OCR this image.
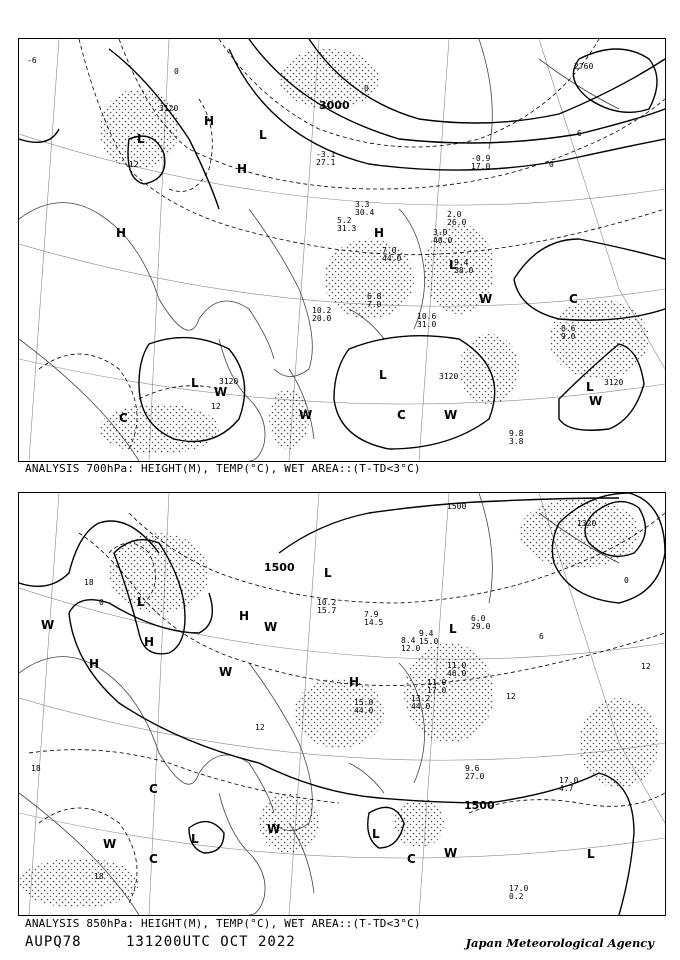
3000
3120
3120
3120
3120
2760
12
12
-6
0
0
6
0
H
H
H	H
L
L
L
L
L
L
C	C
C
W
W	W
W
W
9.4
38.0
10.6
31.0	8.6
9.0
9.8
3.8
2.0
26.0
3.0
40.0
6.8
7.0
10.2
20.0
7.0
44.0
5.2
31.3
3.3
30.4
-3.1
27.1	-0.9
17.0
ANALYSIS 700hPa: HEIGHT(M), TEMP(°C), WET AREA::(T-TD<3°C)
1500
1500
1500
1320
12
12
18
18
18
0
0
6
12
H
H
H
H
L
L	L
L
L
L
C
C	C
W
W
W
W
W
W
17.0
4.7
17.0
0.2
9.6
27.0
11.0
46.0
13.2
44.0
15.0
44.0
6.0
29.0
9.4
15.0
8.4
12.0
11.0
17.0
10.2
15.7	7.9
14.5
ANALYSIS 850hPa: HEIGHT(M), TEMP(°C), WET AREA::(T-TD<3°C)
AUPQ78	131200UTC OCT 2022	Japan Meteorological Agency
